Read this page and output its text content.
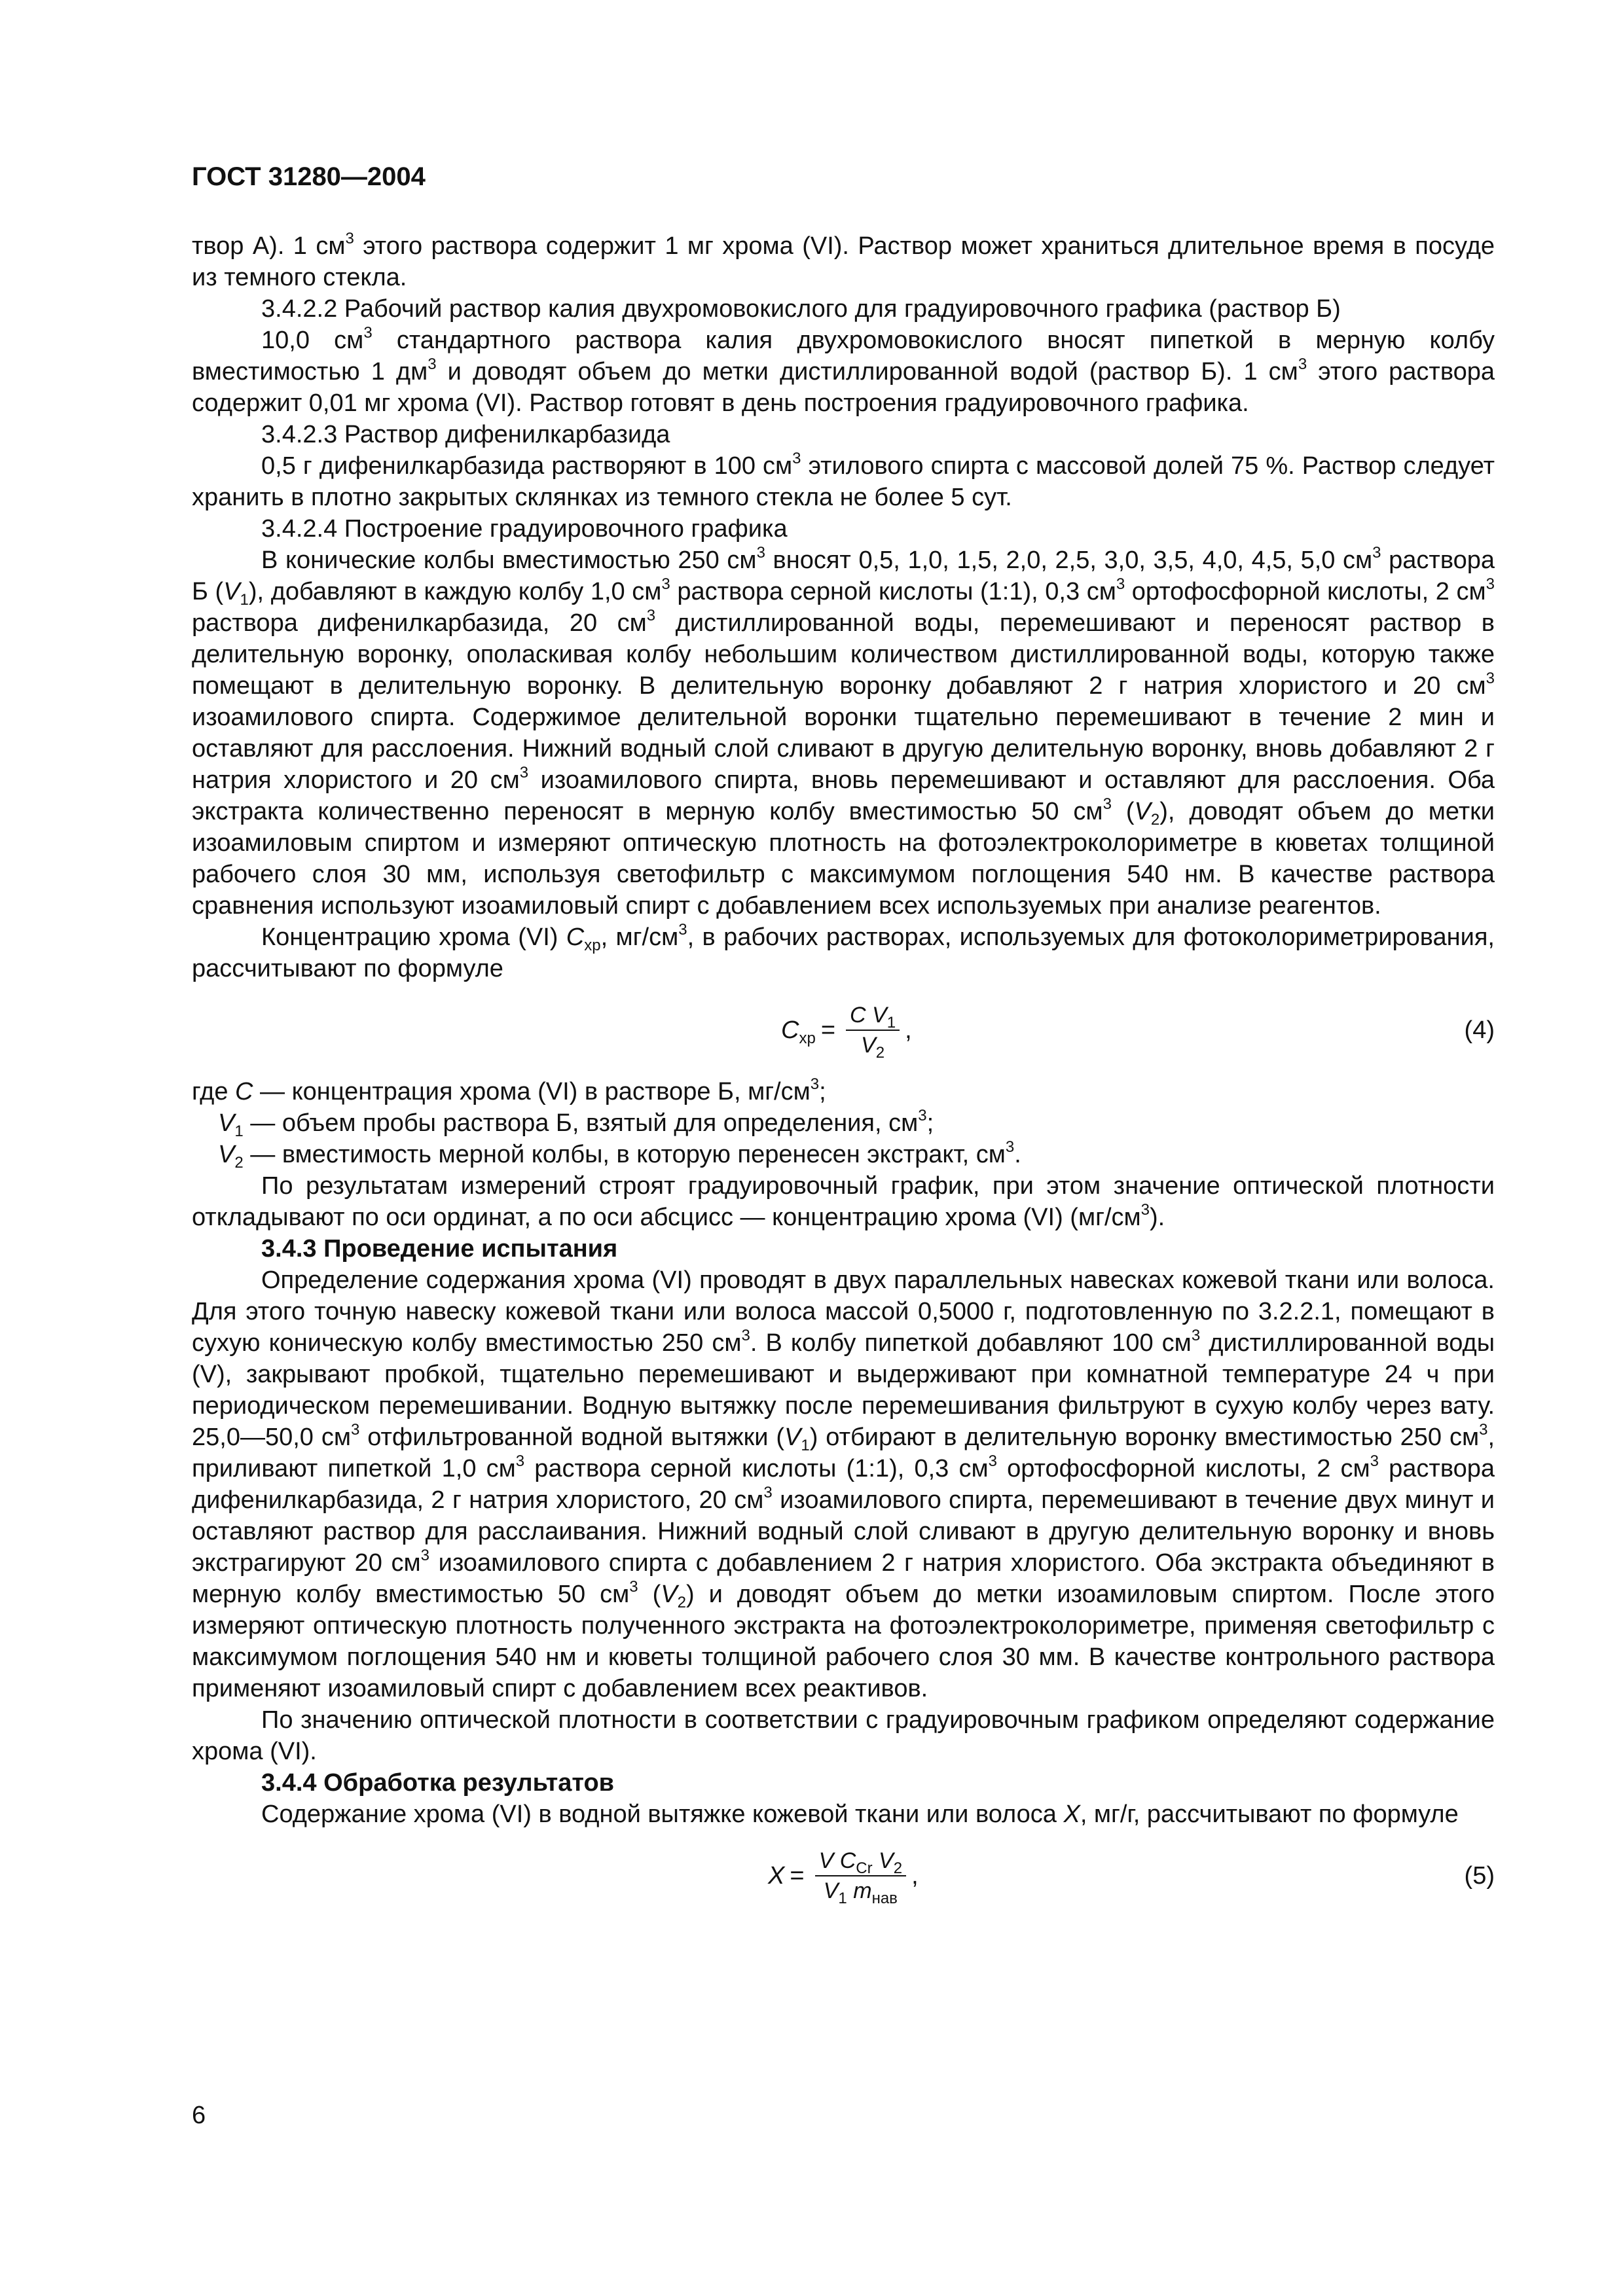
ГОСТ 31280—2004

твор А). 1 $см^3$ этого раствора содержит 1 мг хрома (VI). Раствор может храниться длительное время в посуде из темного стекла.

3.4.2.2 Рабочий раствор калия двухромовокислого для градуировочного графика (раствор Б)

10,0 $см^3$ стандартного раствора калия двухромовокислого вносят пипеткой в мерную колбу вместимостью 1 $дм^3$ и доводят объем до метки дистиллированной водой (раствор Б). 1 $см^3$ этого раствора содержит 0,01 мг хрома (VI). Раствор готовят в день построения градуировочного графика.

3.4.2.3 Раствор дифенилкарбазида

0,5 г дифенилкарбазида растворяют в 100 $см^3$ этилового спирта с массовой долей 75 %. Раствор следует хранить в плотно закрытых склянках из темного стекла не более 5 сут.

3.4.2.4 Построение градуировочного графика

В конические колбы вместимостью 250 $см^3$ вносят 0,5, 1,0, 1,5, 2,0, 2,5, 3,0, 3,5, 4,0, 4,5, 5,0 $см^3$ раствора Б $(V_1)$, добавляют в каждую колбу 1,0 $см^3$ раствора серной кислоты (1:1), 0,3 $см^3$ ортофосфорной кислоты, 2 $см^3$ раствора дифенилкарбазида, 20 $см^3$ дистиллированной воды, перемешивают и переносят раствор в делительную воронку, ополаскивая колбу небольшим количеством дистиллированной воды, которую также помещают в делительную воронку. В делительную воронку добавляют 2 г натрия хлористого и 20 $см^3$ изоамилового спирта. Содержимое делительной воронки тщательно перемешивают в течение 2 мин и оставляют для расслоения. Нижний водный слой сливают в другую делительную воронку, вновь добавляют 2 г натрия хлористого и 20 $см^3$ изоамилового спирта, вновь перемешивают и оставляют для расслоения. Оба экстракта количественно переносят в мерную колбу вместимостью 50 $см^3$ $(V_2)$, доводят объем до метки изоамиловым спиртом и измеряют оптическую плотность на фотоэлектроколориметре в кюветах толщиной рабочего слоя 30 мм, используя светофильтр с максимумом поглощения 540 нм. В качестве раствора сравнения используют изоамиловый спирт с добавлением всех используемых при анализе реагентов.

Концентрацию хрома (VI) $C_{хр}$, $мг/см^3$, в рабочих растворах, используемых для фотоколориметрирования, рассчитывают по формуле

$C_{хр} = \frac{C V_1}{V_2}$ ,	(4)

где C — концентрация хрома (VI) в растворе Б, $мг/см^3$;

$V_1$ — объем пробы раствора Б, взятый для определения, $см^3$;

$V_2$ — вместимость мерной колбы, в которую перенесен экстракт, $см^3$.

По результатам измерений строят градуировочный график, при этом значение оптической плотности откладывают по оси ординат, а по оси абсцисс — концентрацию хрома (VI) $(мг/см^3)$.

3.4.3 Проведение испытания

Определение содержания хрома (VI) проводят в двух параллельных навесках кожевой ткани или волоса. Для этого точную навеску кожевой ткани или волоса массой 0,5000 г, подготовленную по 3.2.2.1, помещают в сухую коническую колбу вместимостью 250 $см^3$. В колбу пипеткой добавляют 100 $см^3$ дистиллированной воды (V), закрывают пробкой, тщательно перемешивают и выдерживают при комнатной температуре 24 ч при периодическом перемешивании. Водную вытяжку после перемешивания фильтруют в сухую колбу через вату. 25,0—50,0 $см^3$ отфильтрованной водной вытяжки $(V_1)$ отбирают в делительную воронку вместимостью 250 $см^3$, приливают пипеткой 1,0 $см^3$ раствора серной кислоты (1:1), 0,3 $см^3$ ортофосфорной кислоты, 2 $см^3$ раствора дифенилкарбазида, 2 г натрия хлористого, 20 $см^3$ изоамилового спирта, перемешивают в течение двух минут и оставляют раствор для расслаивания. Нижний водный слой сливают в другую делительную воронку и вновь экстрагируют 20 $см^3$ изоамилового спирта с добавлением 2 г натрия хлористого. Оба экстракта объединяют в мерную колбу вместимостью 50 $см^3$ $(V_2)$ и доводят объем до метки изоамиловым спиртом. После этого измеряют оптическую плотность полученного экстракта на фотоэлектроколориметре, применяя светофильтр с максимумом поглощения 540 нм и кюветы толщиной рабочего слоя 30 мм. В качестве контрольного раствора применяют изоамиловый спирт с добавлением всех реактивов.

По значению оптической плотности в соответствии с градуировочным графиком определяют содержание хрома (VI).

3.4.4 Обработка результатов

Содержание хрома (VI) в водной вытяжке кожевой ткани или волоса X, мг/г, рассчитывают по формуле

$X = \frac{V C_{Cr} V_2}{V_1 m_{нав}}$ ,	(5)
6
